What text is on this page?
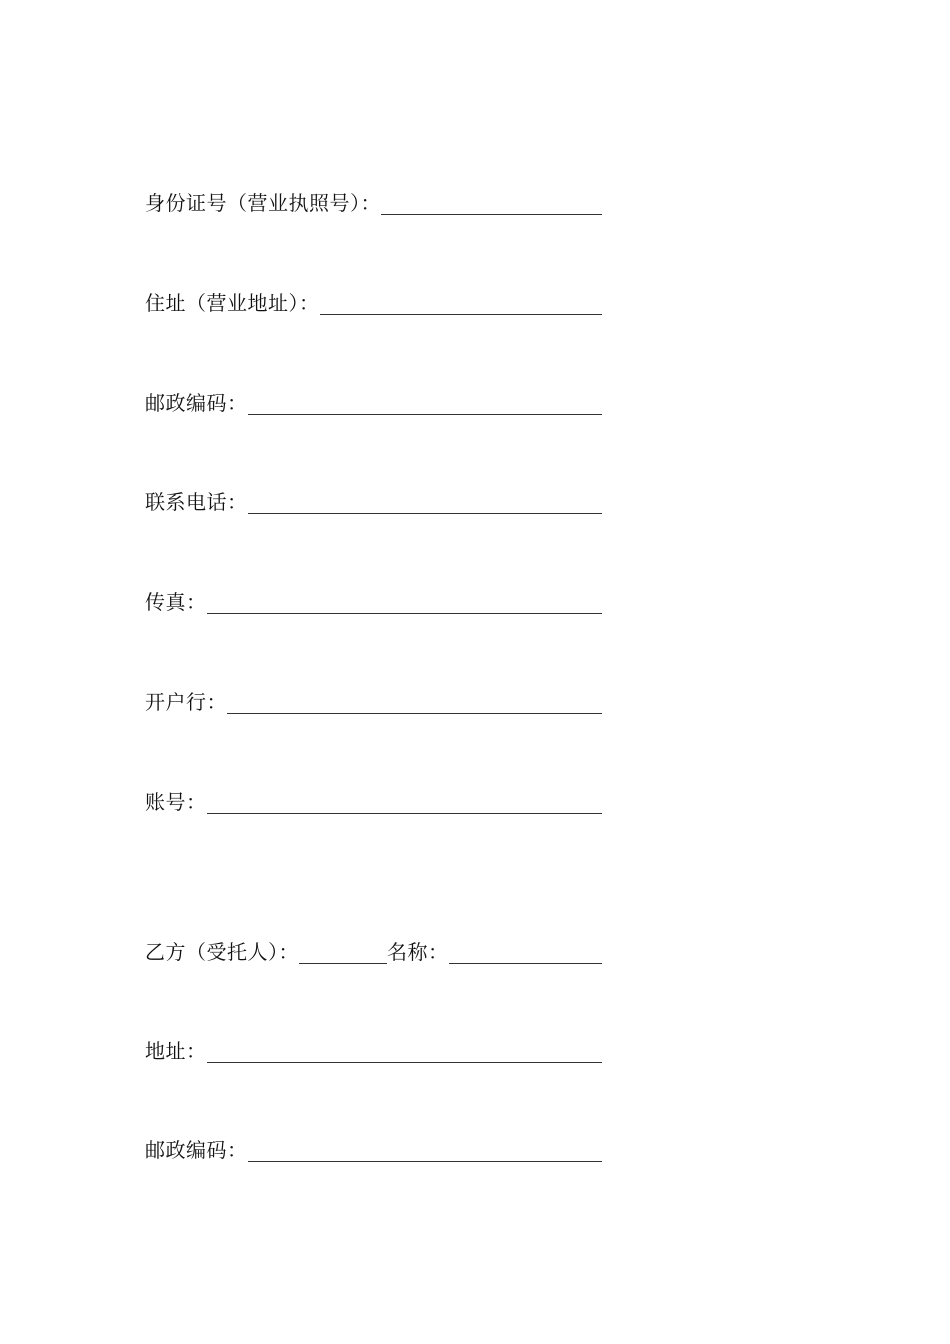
身份证号（营业执照号）：
住址（营业地址）：
邮政编码：
联系电话：
传真：
开户行：
账号：
乙方（受托人）：	名称：
地址：
邮政编码：
